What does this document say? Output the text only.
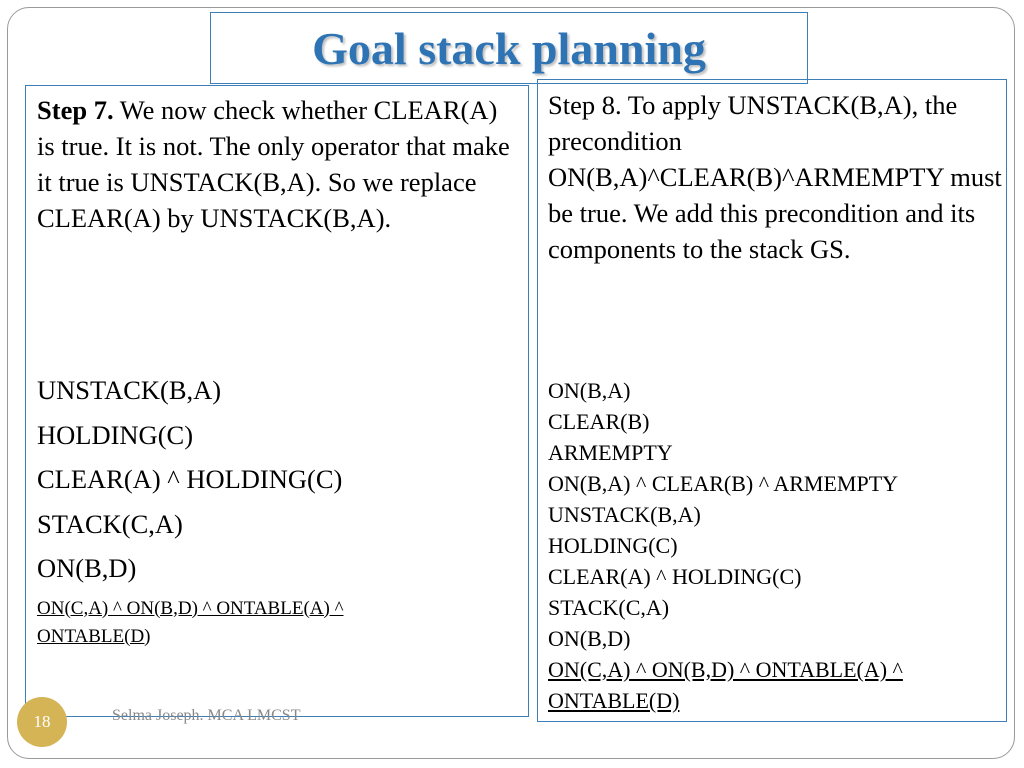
Goal stack planning
Step 7. We now check whether CLEAR(A) is true. It is not. The only operator that make it true is UNSTACK(B,A). So we replace CLEAR(A) by UNSTACK(B,A).
UNSTACK(B,A)
HOLDING(C)
CLEAR(A) ^ HOLDING(C)
STACK(C,A)
ON(B,D)
ON(C,A) ^ ON(B,D) ^ ONTABLE(A) ^ ONTABLE(D)
Step 8. To apply UNSTACK(B,A), the precondition ON(B,A)^CLEAR(B)^ARMEMPTY must be true. We add this precondition and its components to the stack GS.
ON(B,A)
CLEAR(B)
ARMEMPTY
ON(B,A) ^ CLEAR(B) ^ ARMEMPTY
UNSTACK(B,A)
HOLDING(C)
CLEAR(A) ^ HOLDING(C)
STACK(C,A)
ON(B,D)
ON(C,A) ^ ON(B,D) ^ ONTABLE(A) ^
ONTABLE(D)
18	Selma Joseph. MCA LMCST
